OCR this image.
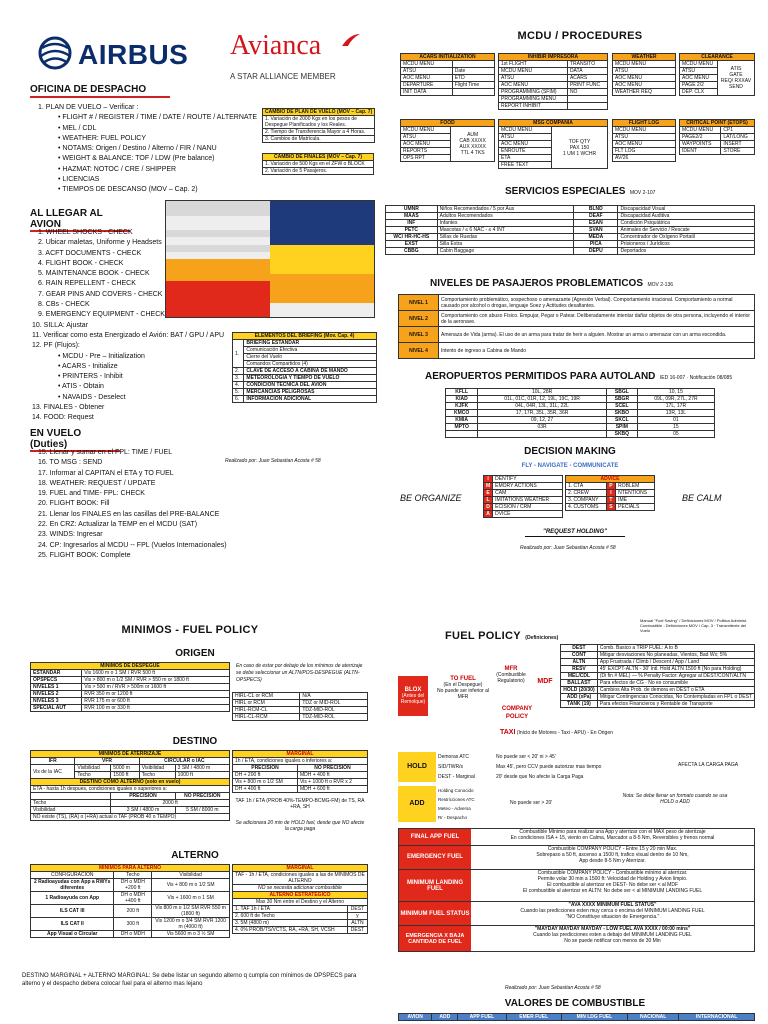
AIRBUS Avianca
A STAR ALLIANCE MEMBER
OFICINA DE DESPACHO
1. PLAN DE VUELO – Verificar :
• FLIGHT # / REGISTER / TIME / DATE / ROUTE / ALTERNATE
• MEL / CDL
• WEATHER: FUEL POLICY
• NOTAMS: Origen / Destino / Alterno / FIR / NANU
• WEIGHT & BALANCE: TOF / LDW (Pre balance)
• HAZMAT: NOTOC / CRE / SHIPPER
• LICENCIAS
• TIEMPOS DE DESCANSO (MOV – Cap. 2)
CAMBIO DE PLAN DE VUELO (MOV – Cap. 7)
1. Variación de 2000 Kgs en los pesos de Despegue Planificados y los Reales.
2. Tiempo de Transferencia Mayor a 4 Horas.
3. Cambios de Matrícula.
CAMBIO DE FINALES (MOV – Cap. 7)
1. Variación de 500 Kgs en el ZFW o BLOCK
2. Variación de 5 Pasajeros.
AL LLEGAR AL AVION
1. WHEEL SHOCKS - CHECK
2. Ubicar maletas, Uniforme y Headsets
3. ACFT DOCUMENTS - CHECK
4. FLIGHT BOOK - CHECK
5. MAINTENANCE BOOK - CHECK
6. RAIN REPELLENT - CHECK
7. GEAR PINS AND COVERS - CHECK
8. CBs - CHECK
9. EMERGENCY EQUIPMENT - CHECK
10. SILLA: Ajustar
11. Verificar como esta Energizado el Avión: BAT / GPU / APU
12. PF (Flujos):
• MCDU - Pre – Initialization
• ACARS - Initialize
• PRINTERS - Inhibit
• ATIS - Obtain
• NAVAIDS - Deselect
13. FINALES - Obtener
14. FOOD: Request
ELEMENTOS DEL BRIEFING (Mov. Cap. 4)	
1.	BRIEFING ESTANDAR
	Comunicación Efectiva
	Cierre del Vuelo
	Comandos Compartidos (4)
2.	CLAVE DE ACCESO A CABINA DE MANDO
3.	METEOROLOGIA Y TIEMPO DE VUELO
4.	CONDICION TECNICA DEL AVION
5.	MERCANCIAS PELIGROSAS
6.	INFORMACION ADICIONAL
EN VUELO (Duties)
Realizado por: Juan Sebastian Acosta # 58
15. Llenar y sumar en el FPL: TIME / FUEL
16. TO MSG : SEND
17. Informar al CAPITAN el ETA y TO FUEL
18. WEATHER: REQUEST / UPDATE
19. FUEL and TIME- FPL: CHECK
20. FLIGHT BOOK: Fill
21. Llenar los FINALES en las casillas del PRE-BALANCE
22. En CRZ: Actualizar la TEMP en el MCDU (SAT)
23. WINDS: Ingresar
24. CP: Ingresarlos al MCDU -- FPL (Vuelos Internacionales)
25. FLIGHT BOOK: Complete
MCDU / PROCEDURES
ACARS INITIALIZATION	
MCDU MENU	
ATSU	Date
AOC MENU	ETD
DEPARTURE	Flight Time
INIT DATA	
INHIBIR IMPRESORA	
1st FLIGHT	TRANSITO
MCDU MENU	DATA
ATSU	ACARS
AOC MENU	PRINT FUNC
PROGRAMMING (SFIM)	NO
PROGRAMMING MENU	
REPORT INHIBIT	
WEATHER
MCDU MENU
ATSU
AOC MENU
AOC MENU
WEATHER REQ
CLEARANCE
MCDU MENU	ATIS
GATE
REQ/ RXXAV
SEND
ATSU
AOC MENU
PAGE 2/2
DEP. CLX
FOOD
MCDU MENU	AUM
CAB XX/XX
AUX XX/XX
TTL 4 TKS
ATSU
AOC MENU
REPORTS
OPS RPT
MSG COMPAÑIA
MCDU MENU	TOF QTY
PAX 150
1 UM 1 WCHR
ATSU
AOC MENU
ENROUTE
ETA
FREE TEXT
FLIGHT LOG
MCDU MENU
ATSU
AOC MENU
FLT LOG
AV/26
CRITICAL POINT (ETOPS)	
MCDU MENU	CP1
PAGE2/2	LAT/LONG
WAYPOINTS	INSERT
IDENT	STORE
SERVICIOS ESPECIALES MOV 2-107
UMNR	Niños Recomendados / 5 por Aus	BLND	Discapacidad Visual
MAAS	Adultos Recomendados	DEAF	Discapacidad Auditiva
INF	Infantes	ESAN	Condición Psiquiátrica
PETC	Mascotas / ≤ 6 NAC - ≤ 4 INT	SVAN	Animales de Servicio / Rescate
WC/ HR-HC-HS	Sillas de Ruedas	MEDA	Concentrador de Oxígeno Portatil
EXST	Silla Extra	PICA	Prisioneros / Jurídicos
CBBG	Cabin Baggage	DEPU	Deportados
NIVELES DE PASAJEROS PROBLEMATICOS MOV 2-136
NIVEL 1	Comportamiento problemático, sospechoso o amenazante (Agresión Verbal). Comportamiento irracional. Comportamiento a normal causado por alcohol o drogas, lenguaje Soez y Actitudes desafiantes.
NIVEL 2	Comportamiento con abuso Físico. Empujar, Pegar o Patear. Deliberadamente intentar dañar objetos de otra persona, incluyendo el interior de la aeronave.
NIVEL 3	Amenaza de Vida (arma). El uso de un arma para tratar de herir a alguien. Mostrar un arma o amenazar con un arma escondida.
NIVEL 4	Intento de ingreso a Cabina de Mando
AEROPUERTOS PERMITIDOS PARA AUTOLAND IED 16-007 · Notificación 08/085
KFLL	10L, 28R	SBGL	10, 15
KIAD	01L, 01C, 01R, 12, 19L, 19C, 19R	SBGR	09L, 09R, 27L, 27R
KJFK	04L, 04R, 13L, 31L, 22L	SCEL	17L, 17R
KMCO	17, 17R, 35L, 35R, 36R	SKBO	13R, 13L
KMIA	09, 12, 27	SKCL	01
MPTO	03R	SPIM	15
		SKBQ	05
DECISION MAKING
FLY - NAVIGATE - COMMUNICATE
BE ORGANIZE	BE CALM
I	DENTIFY
M	EMORY ACTIONS
E	CAM
L	IMITATIONS WEATHER
D	ECISION / CRM
A	DVICE
ADVICE		
1. CTA	P	ROBLEM
2. CREW	I	NTENTIONS
3. COMPANY	T	IME
4. CUSTOMS	S	PECIALS
"REQUEST HOLDING"
Realizado por: Juan Sebastian Acosta # 58
MINIMOS - FUEL POLICY
ORIGEN
MINIMOS DE DESPEGUE	
ESTANDAR	Vis 1600 m o 1 SM / RVR 500 ft
OPSPECS	Vis > 800 m o 1/2 SM / RVR > 550 m or 1800 ft
NIVELES 1	Vis > 500 m / RVR > 500m or 1600 ft
NIVELES 2	RVR 350 m or 1200 ft
NIVELES 3	RVR 175 m or 600 ft
SPECIAL AUT	RVR 100 m or 330 ft
En caso de estar por debajo de los mínimos de aterrizaje se debe seleccionar un ALTN/POS-DESPEGUE (ALTN-OPSPECS)
HIRL-CL or RCM	N/A
HIRL or RCM	TDZ or MID-ROL
HIRL-RCM-CL	TDZ-MID-ROL
HIRL-CL-RCM	TDZ-MID-ROL
DESTINO
MINIMOS DE ATERRIZAJE				
IFR	VFR		CIRCULAR o IAC	
Vis de la IAC	Visibilidad	5000 m	Visibilidad	3 SM / 4800 m
	Techo	1500 ft	Techo	1000 ft
DESTINO COMO ALTERNO (solo en vuelo)				
ETA - hasta 1h despues, condiciones iguales o superiores a:				
		PRECISION		NO PRECISION
Techo		2000 ft		
Visibilidad		3 SM / 4800 m		5 SM / 8000 m
NO existe (TS), (RA) o (+RA) actual o TAF (PROB 40 o TEMPO)				
MARGINAL	
1h / ETA, condiciones iguales o inferiores a:	
PRECISION	NO PRECISION
DH + 200 ft	MDH + 400 ft
Vis + 800 m o 1/2 SM	Vis + 1000 ft o RVR x 2
DH + 400 ft	MDH + 600 ft
TAF 1h / ETA (PROB 40%-TEMPO-BCMG-FM) de TS, RA +RA, SH
Se adicionara 20 min de HOLD fuel, desde que NO afecte la carga paga
ALTERNO
MINIMOS PARA ALTERNO		
CONFIGURACION	Techo	Visibilidad
2 Radioayudas con App a RWYs diferentes	DH o MDH +200 ft	Vis + 800 m o 1/2 SM
1 Radioayuda con App	DH o MDH +400 ft	Vis + 1600 m o 1 SM
ILS CAT III	200 ft	Vis 800 m o 1/2 SM RVR 550 m (1800 ft)
ILS CAT II	300 ft	Vis 1200 m o 3/4 SM RVR 1200 m (4000 ft)
App Visual o Circular	DH o MDH	Vis 5600 m o 3 ½ SM
MARGINAL	
TAF - 1h / ETA, condiciones iguales a las de MINIMOS DE ALTERNO	
NO se necesita adicionar combustible	
ALTERNO ESTRATEGICO	
Max 30 Nm entre el Destino y el Alterno	
1. TAF 1h / ETA	DEST
2. 600 ft de Techo	y
3. 5M (4800 m)	ALTN
4. 0% PROB/TS/VCTS, RA, +RA, SH, VCSH	DEST
DESTINO MARGINAL + ALTERNO MARGINAL: Se debe listar un segundo alterno q cumpla con mínimos de OPSPECS para alterno y el despacho debera colocar fuel para el alterno mas lejano
FUEL POLICY (Definiciones)
Manual "Fuel Saving" / Definiciones MOV / Politica Administ. Combustible - Definiciones MOV / Cap. 3 · Transmitente del Vuelo
BLOX
(Antes del Remolque)
TO FUEL
(En el Despegue)
No puede ser inferior al MFR
MFR
(Combustible Regulatorio)	MDF
COMPANY POLICY
DEST	Comb. Basico a TRIP FUEL: A to B
CONT	Mitigar desviaciones No planeadas, Vientos, Bad Wx; 5%
ALTN	App Frustrada / Climb / Descent / App / Land
RESV	45' EXCPT-ALTN - 30' Intl. Hold ALTN 1500 ft (No para Holding)
MEL/CDL	(Di fin # MEL) — % Penalty Factor: Agregar al DEST/CONT/ALTN
BALLAST	Para efectos de CG · No es consumible
HOLD (20/30)	Cambios Alta Prob. de demora en DEST o ETA
ADD (xPa)	Mitigar Contingencias Conocidas, No Contempladas en FPL o DEST
TANK (19)	Para efectos Financieros y Rentable de Transporte
TAXI (Inicio de Motores - Taxi - APU) - En Origen
HOLD
Demoras ATC
SID/TWR/s
DEST - Marginal
No puede ser < 20' ni > 45'
Max 45', pero CCV puede autorizar mas tiempo
20' desde que No afecte la Carga Paga
AFECTA LA CARGA PAGA
ADD
Holding Conocido
Restricciones ATC
Meteo - Adversa
Rr - Despacho
No puede ser > 20'
Nota: Se debe llenar un formato cuando se usa HOLD o ADD
FINAL APP FUEL
Combustible Mínimo para realizar una App y aterrizar con el MAX peso de aterrizaje
En condiciones ISA + 15, viento en Calma, Marcador a 8-5 Nm, Reversibles y frenos normal
EMERGENCY FUEL
Combustible COMPANY POLICY - Entre 15 y 20 min Max.
Sobrepaso a 50 ft, ascenso a 1500 ft, trafico visual dentro de 10 Nm,
App desde 8-5 Nm y Aterrizar.
MINIMUM LANDING FUEL
Combustible COMPANY POLICY - Combustible mínimo al aterrizar.
Permite volar 30 min a 1500 ft: Velocidad de Holding y Avion limpio.
El combustible al aterrizar en DEST- No debe ser < al MDF
El combustible al aterrizar en ALTN: No debe ser < al MINIMUM LANDING FUEL
MINIMUM FUEL STATUS
"AVA XXXX MINIMUM FUEL STATUS"
Cuando las predicciones esten muy cerca o encima del MINIMUM LANDING FUEL
"NO Constituye situacion de Emergencia."
EMERGENCIA X BAJA CANTIDAD DE FUEL
"MAYDAY MAYDAY MAYDAY - LOW FUEL AVA XXXX / 00:00 mins"
Cuando las predicciones esten a debajo del MINIMUM LANDING FUEL
No se puede notificar con menos de 30 Min
Realizado por: Juan Sebastian Acosta # 58
VALORES DE COMBUSTIBLE
AVION	ADD	APP FUEL	EMER FUEL	MIN LDG FUEL	NACIONAL	INTERNACIONAL
